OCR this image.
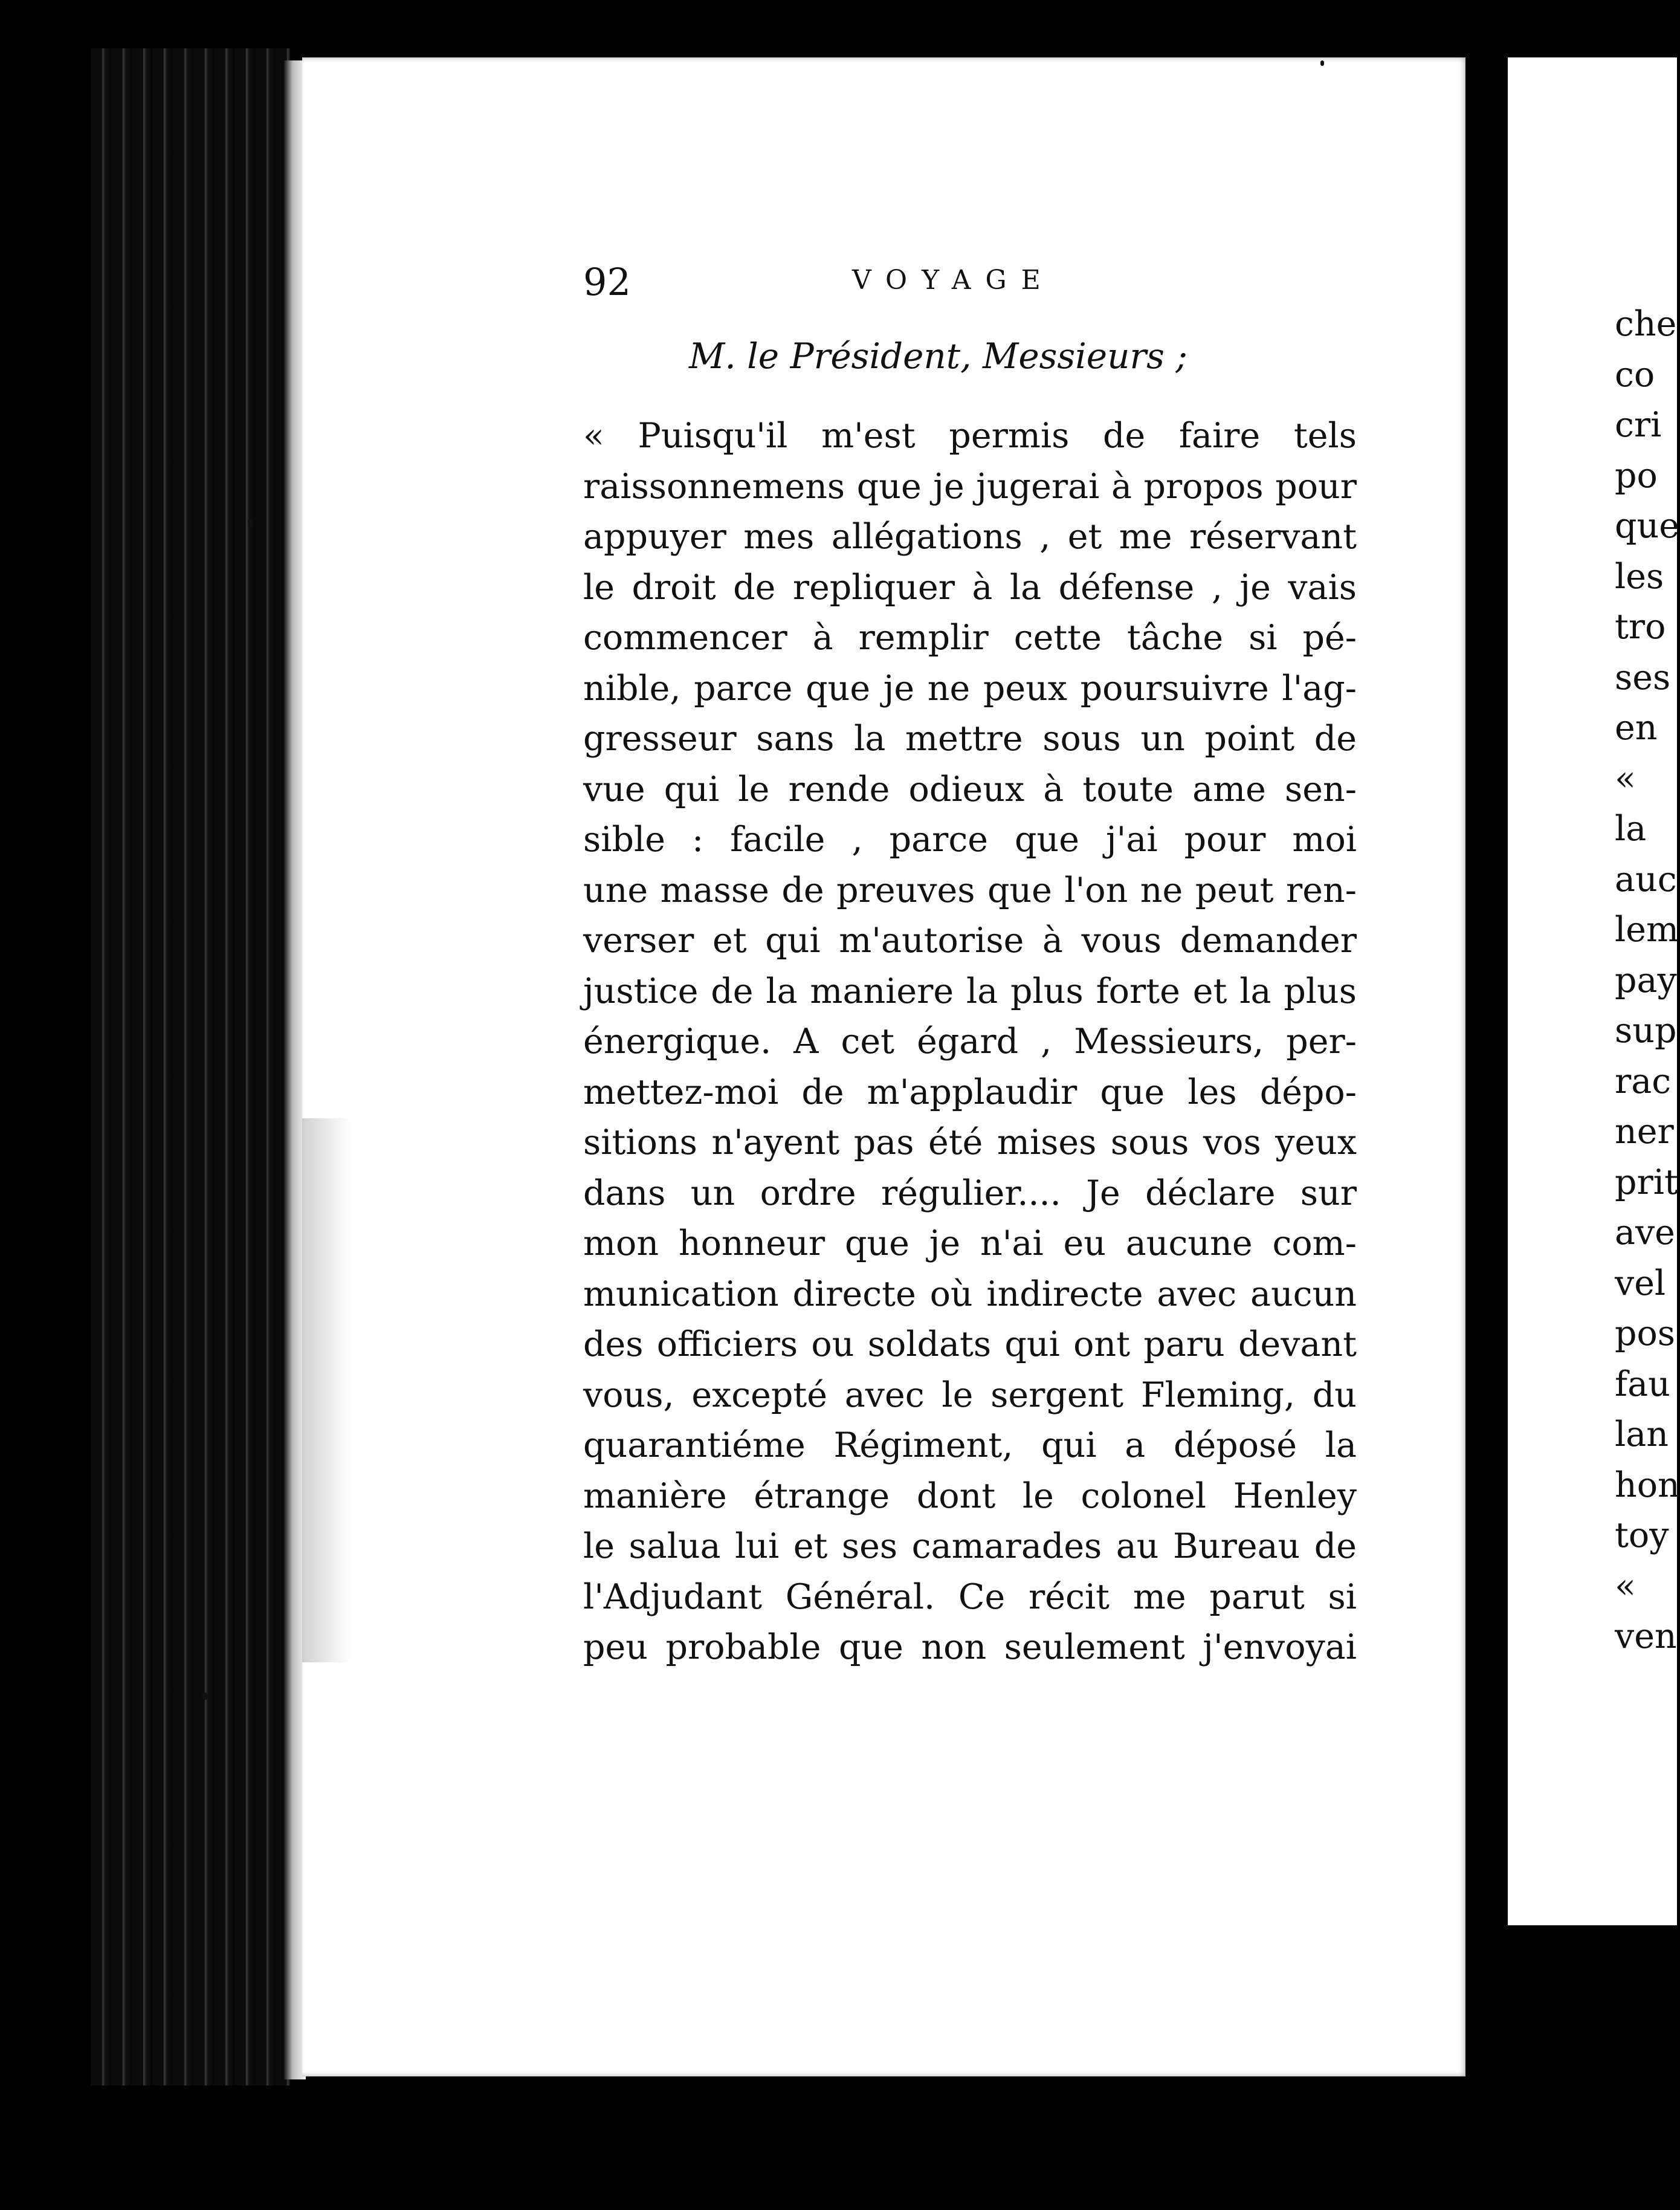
92	VOYAGE
M. le Président, Messieurs ;
« Puisqu'il m'est permis de faire tels
raissonnemens que je jugerai à propos pour
appuyer mes allégations , et me réservant
le droit de repliquer à la défense , je vais
commencer à remplir cette tâche si pé-
nible, parce que je ne peux poursuivre l'ag-
gresseur sans la mettre sous un point de
vue qui le rende odieux à toute ame sen-
sible : facile , parce que j'ai pour moi
une masse de preuves que l'on ne peut ren-
verser et qui m'autorise à vous demander
justice de la maniere la plus forte et la plus
énergique. A cet égard , Messieurs, per-
mettez-moi de m'applaudir que les dépo-
sitions n'ayent pas été mises sous vos yeux
dans un ordre régulier.... Je déclare sur
mon honneur que je n'ai eu aucune com-
munication directe où indirecte avec aucun
des officiers ou soldats qui ont paru devant
vous, excepté avec le sergent Fleming, du
quarantiéme Régiment, qui a déposé la
manière étrange dont le colonel Henley
le salua lui et ses camarades au Bureau de
l'Adjudant Général. Ce récit me parut si
peu probable que non seulement j'envoyai
che
co
cri
po
que
les
tro
ses
en
«
la
auc
lem
pay
sup
rac
ner
prit
ave
vel
pos
fau
lan
hon
toy
«
ven
